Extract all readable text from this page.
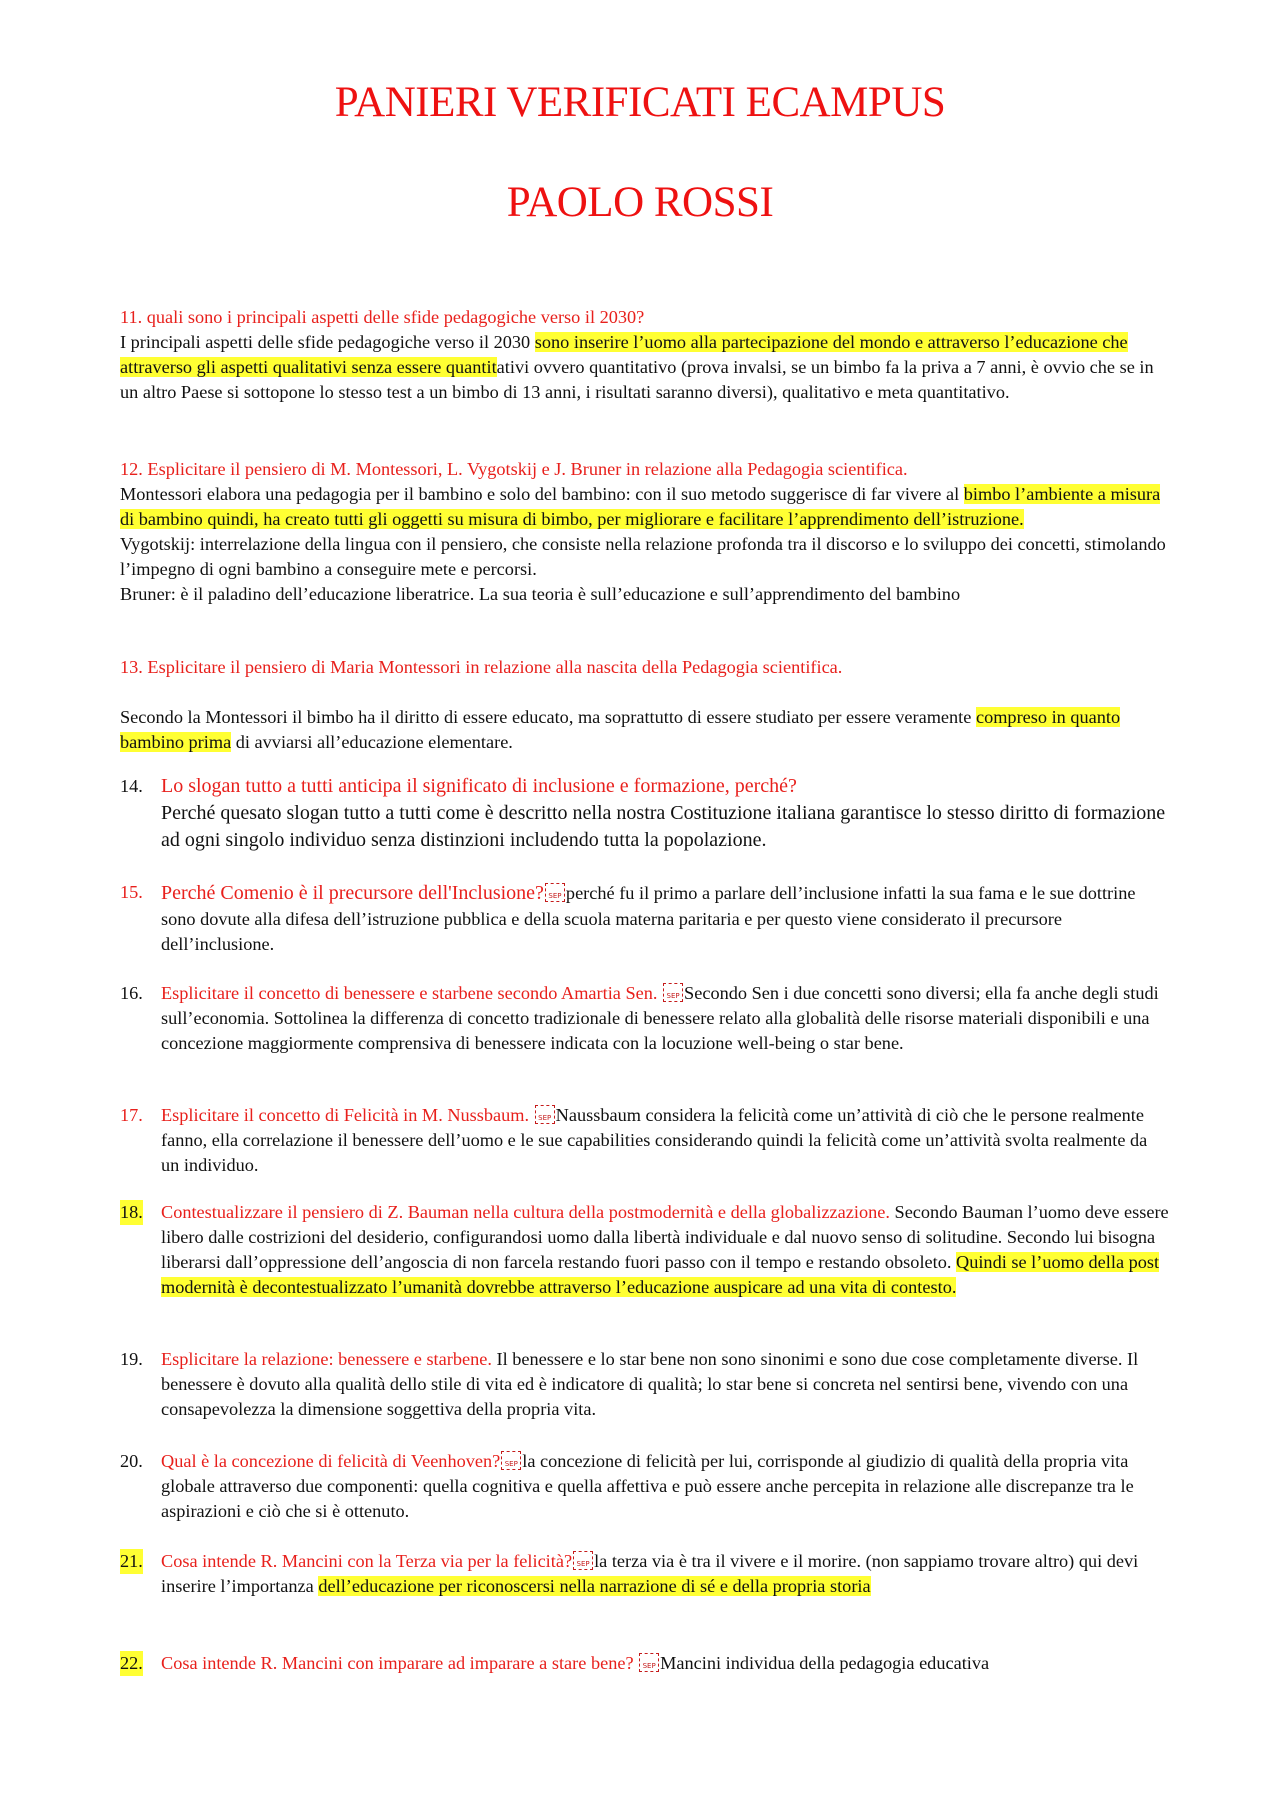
PANIERI VERIFICATI ECAMPUS
PAOLO ROSSI

11. quali sono i principali aspetti delle sfide pedagogiche verso il 2030?

I principali aspetti delle sfide pedagogiche verso il 2030 sono inserire l’uomo alla partecipazione del mondo e attraverso l’educazione che attraverso gli aspetti qualitativi senza essere quantitativi ovvero quantitativo (prova invalsi, se un bimbo fa la priva a 7 anni, è ovvio che se in un altro Paese si sottopone lo stesso test a un bimbo di 13 anni, i risultati saranno diversi), qualitativo e meta quantitativo.

12. Esplicitare il pensiero di M. Montessori, L. Vygotskij e J. Bruner in relazione alla Pedagogia scientifica.

Montessori elabora una pedagogia per il bambino e solo del bambino: con il suo metodo suggerisce di far vivere al bimbo l’ambiente a misura di bambino quindi, ha creato tutti gli oggetti su misura di bimbo, per migliorare e facilitare l’apprendimento dell’istruzione.

Vygotskij: interrelazione della lingua con il pensiero, che consiste nella relazione profonda tra il discorso e lo sviluppo dei concetti, stimolando l’impegno di ogni bambino a conseguire mete e percorsi.

Bruner: è il paladino dell’educazione liberatrice. La sua teoria è sull’educazione e sull’apprendimento del bambino

13. Esplicitare il pensiero di Maria Montessori in relazione alla nascita della Pedagogia scientifica.

Secondo la Montessori il bimbo ha il diritto di essere educato, ma soprattutto di essere studiato per essere veramente compreso in quanto bambino prima di avviarsi all’educazione elementare.

14. Lo slogan tutto a tutti anticipa il significato di inclusione e formazione, perché?
Perché quesato slogan tutto a tutti come è descritto nella nostra Costituzione italiana garantisce lo stesso diritto di formazione ad ogni singolo individuo senza distinzioni includendo tutta la popolazione.
15. Perché Comenio è il precursore dell'Inclusione? SEP perché fu il primo a parlare dell’inclusione infatti la sua fama e le sue dottrine sono dovute alla difesa dell’istruzione pubblica e della scuola materna paritaria e per questo viene considerato il precursore dell’inclusione.
16. Esplicitare il concetto di benessere e starbene secondo Amartia Sen. SEP Secondo Sen i due concetti sono diversi; ella fa anche degli studi sull’economia. Sottolinea la differenza di concetto tradizionale di benessere relato alla globalità delle risorse materiali disponibili e una concezione maggiormente comprensiva di benessere indicata con la locuzione well-being o star bene.
17. Esplicitare il concetto di Felicità in M. Nussbaum. SEP Naussbaum considera la felicità come un’attività di ciò che le persone realmente fanno, ella correlazione il benessere dell’uomo e le sue capabilities considerando quindi la felicità come un’attività svolta realmente da un individuo.
18. Contestualizzare il pensiero di Z. Bauman nella cultura della postmodernità e della globalizzazione. Secondo Bauman l’uomo deve essere libero dalle costrizioni del desiderio, configurandosi uomo dalla libertà individuale e dal nuovo senso di solitudine. Secondo lui bisogna liberarsi dall’oppressione dell’angoscia di non farcela restando fuori passo con il tempo e restando obsoleto. Quindi se l’uomo della post modernità è decontestualizzato l’umanità dovrebbe attraverso l’educazione auspicare ad una vita di contesto.
19. Esplicitare la relazione: benessere e starbene. Il benessere e lo star bene non sono sinonimi e sono due cose completamente diverse. Il benessere è dovuto alla qualità dello stile di vita ed è indicatore di qualità; lo star bene si concreta nel sentirsi bene, vivendo con una consapevolezza la dimensione soggettiva della propria vita.
20. Qual è la concezione di felicità di Veenhoven? SEP la concezione di felicità per lui, corrisponde al giudizio di qualità della propria vita globale attraverso due componenti: quella cognitiva e quella affettiva e può essere anche percepita in relazione alle discrepanze tra le aspirazioni e ciò che si è ottenuto.
21. Cosa intende R. Mancini con la Terza via per la felicità? SEP la terza via è tra il vivere e il morire. (non sappiamo trovare altro) qui devi inserire l’importanza dell’educazione per riconoscersi nella narrazione di sé e della propria storia
22. Cosa intende R. Mancini con imparare ad imparare a stare bene? SEP Mancini individua della pedagogia educativa
